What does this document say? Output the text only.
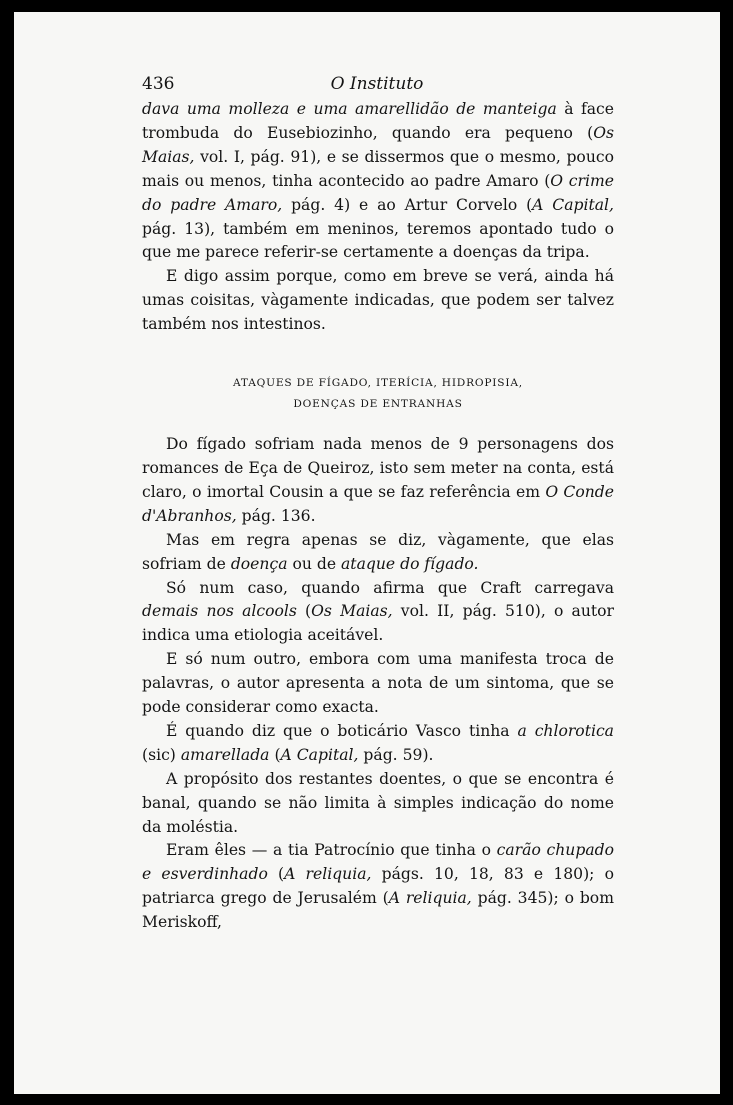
436	O Instituto

dava uma molleza e uma amarellidão de manteiga à face trombuda do Eusebiozinho, quando era pequeno (Os Maias, vol. I, pág. 91), e se dissermos que o mesmo, pouco mais ou menos, tinha acontecido ao padre Amaro (O crime do padre Amaro, pág. 4) e ao Artur Corvelo (A Capital, pág. 13), também em meninos, teremos apontado tudo o que me parece referir-se certamente a doenças da tripa.

E digo assim porque, como em breve se verá, ainda há umas coisitas, vàgamente indicadas, que podem ser talvez também nos intestinos.

ATAQUES DE FÍGADO, ITERÍCIA, HIDROPISIA,
DOENÇAS DE ENTRANHAS

Do fígado sofriam nada menos de 9 personagens dos romances de Eça de Queiroz, isto sem meter na conta, está claro, o imortal Cousin a que se faz referência em O Conde d'Abranhos, pág. 136.

Mas em regra apenas se diz, vàgamente, que elas sofriam de doença ou de ataque do fígado.

Só num caso, quando afirma que Craft carregava demais nos alcools (Os Maias, vol. II, pág. 510), o autor indica uma etiologia aceitável.

E só num outro, embora com uma manifesta troca de palavras, o autor apresenta a nota de um sintoma, que se pode considerar como exacta.

É quando diz que o boticário Vasco tinha a chlorotica (sic) amarellada (A Capital, pág. 59).

A propósito dos restantes doentes, o que se encontra é banal, quando se não limita à simples indicação do nome da moléstia.

Eram êles — a tia Patrocínio que tinha o carão chupado e esverdinhado (A reliquia, págs. 10, 18, 83 e 180); o patriarca grego de Jerusalém (A reliquia, pág. 345); o bom Meriskoff,
